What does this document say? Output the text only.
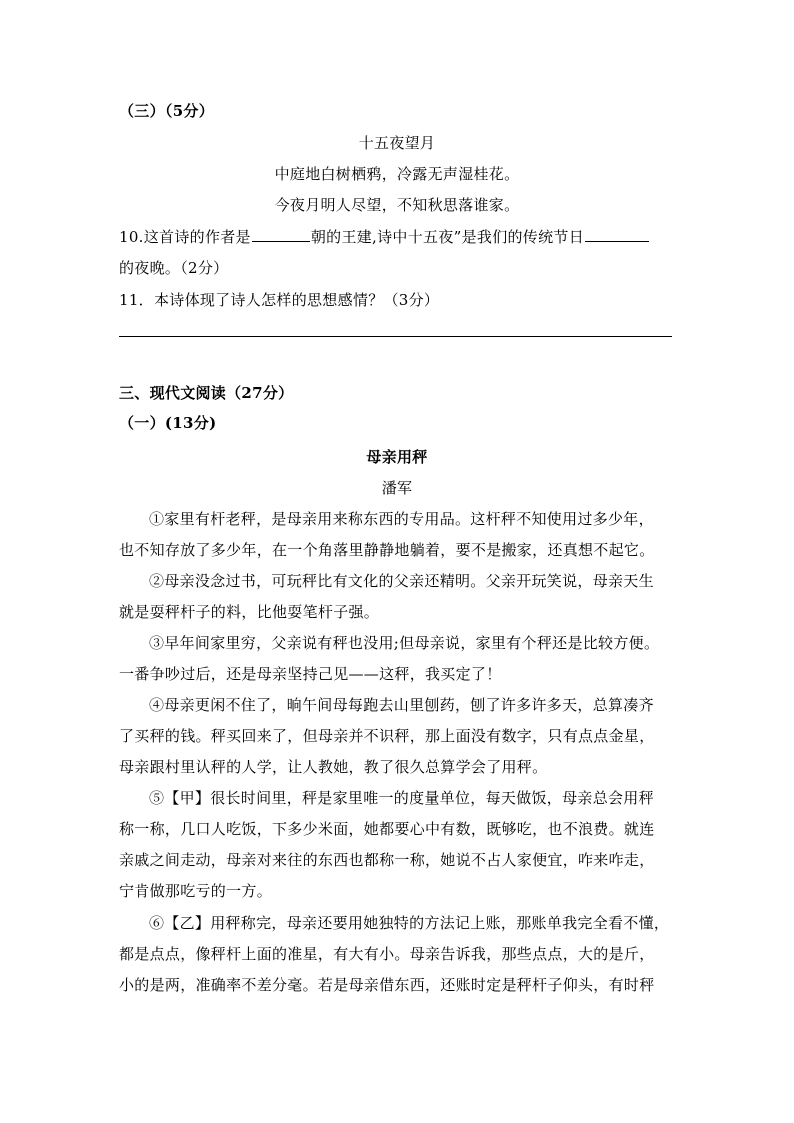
（三）（5分）
十五夜望月
中庭地白树栖鸦，冷露无声湿桂花。
今夜月明人尽望，不知秋思落谁家。
10.这首诗的作者是	朝的王建,诗中十五夜”是我们的传统节日
的夜晚。（2分）
11．本诗体现了诗人怎样的思想感情？（3分）
三、现代文阅读（27分）
（一）(13分)
母亲用秤
潘军
①家里有杆老秤，是母亲用来称东西的专用品。这杆秤不知使用过多少年，
也不知存放了多少年，在一个角落里静静地躺着，要不是搬家，还真想不起它。
②母亲没念过书，可玩秤比有文化的父亲还精明。父亲开玩笑说，母亲天生
就是耍秤杆子的料，比他耍笔杆子强。
③早年间家里穷，父亲说有秤也没用;但母亲说，家里有个秤还是比较方便。
一番争吵过后，还是母亲坚持己见——这秤，我买定了！
④母亲更闲不住了，晌午间母每跑去山里刨药，刨了许多许多天，总算凑齐
了买秤的钱。秤买回来了，但母亲并不识秤，那上面没有数字，只有点点金星，
母亲跟村里认秤的人学，让人教她，教了很久总算学会了用秤。
⑤【甲】很长时间里，秤是家里唯一的度量单位，每天做饭，母亲总会用秤
称一称，几口人吃饭，下多少米面，她都要心中有数，既够吃，也不浪费。就连
亲戚之间走动，母亲对来往的东西也都称一称，她说不占人家便宜，咋来咋走，
宁肯做那吃亏的一方。
⑥【乙】用秤称完，母亲还要用她独特的方法记上账，那账单我完全看不懂，
都是点点，像秤杆上面的准星，有大有小。母亲告诉我，那些点点，大的是斤，
小的是两，准确率不差分毫。若是母亲借东西，还账时定是秤杆子仰头，有时秤
